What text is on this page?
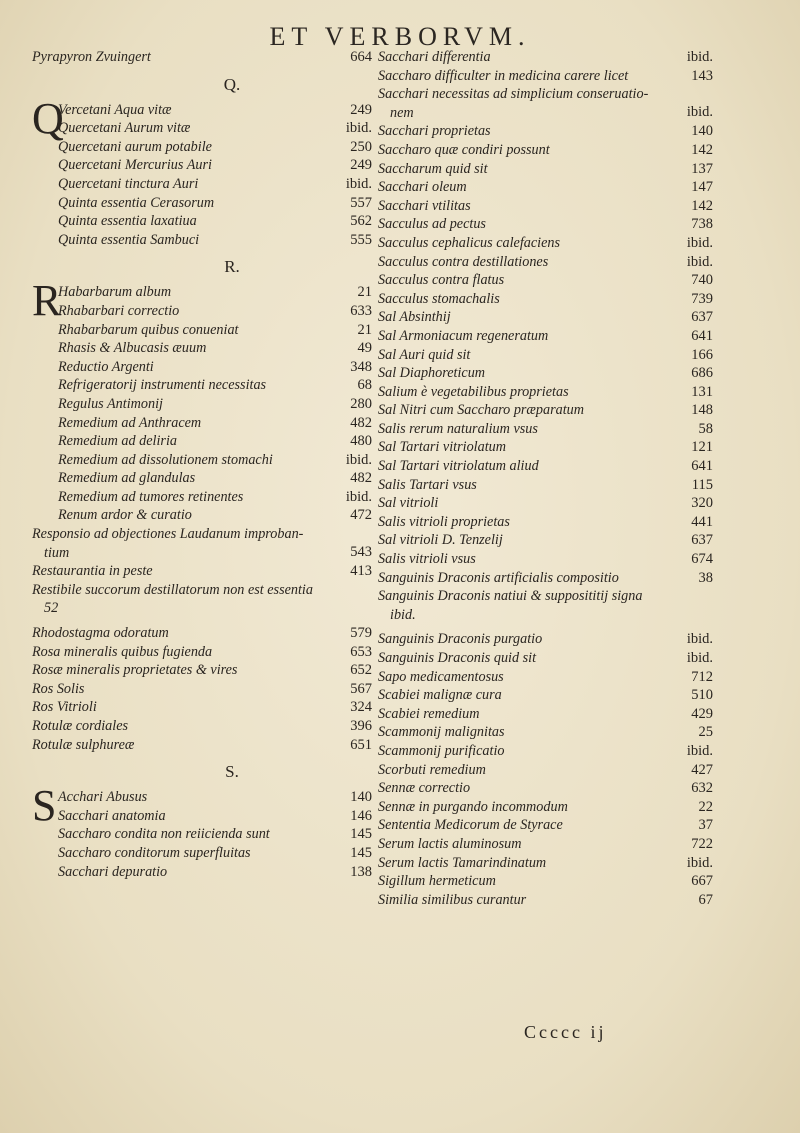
ET VERBORVM.
Pyrapyron Zvuingert	664
Q.
Q
Vercetani Aqua vitæ	249
Quercetani Aurum vitæ	ibid.
Quercetani aurum potabile	250
Quercetani Mercurius Auri	249
Quercetani tinctura Auri	ibid.
Quinta essentia Cerasorum	557
Quinta essentia laxatiua	562
Quinta essentia Sambuci	555
R.
R
Habarbarum album	21
Rhabarbari correctio	633
Rhabarbarum quibus conueniat	21
Rhasis & Albucasis æuum	49
Reductio Argenti	348
Refrigeratorij instrumenti necessitas	68
Regulus Antimonij	280
Remedium ad Anthracem	482
Remedium ad deliria	480
Remedium ad dissolutionem stomachi	ibid.
Remedium ad glandulas	482
Remedium ad tumores retinentes	ibid.
Renum ardor & curatio	472
Responsio ad objectiones Laudanum improban-
tium	543
Restaurantia in peste	413
Restibile succorum destillatorum non est essentia
52
Rhodostagma odoratum	579
Rosa mineralis quibus fugienda	653
Rosæ mineralis proprietates & vires	652
Ros Solis	567
Ros Vitrioli	324
Rotulæ cordiales	396
Rotulæ sulphureæ	651
S.
S Acchari Abusus	140
Sacchari anatomia	146
Saccharo condita non reiicienda sunt	145
Saccharo conditorum superfluitas	145
Sacchari depuratio	138
Sacchari differentia	ibid.
Saccharo difficulter in medicina carere licet	143
Sacchari necessitas ad simplicium conseruatio-
nem	ibid.
Sacchari proprietas	140
Saccharo quæ condiri possunt	142
Saccharum quid sit	137
Sacchari oleum	147
Sacchari vtilitas	142
Sacculus ad pectus	738
Sacculus cephalicus calefaciens	ibid.
Sacculus contra destillationes	ibid.
Sacculus contra flatus	740
Sacculus stomachalis	739
Sal Absinthij	637
Sal Armoniacum regeneratum	641
Sal Auri quid sit	166
Sal Diaphoreticum	686
Salium è vegetabilibus proprietas	131
Sal Nitri cum Saccharo præparatum	148
Salis rerum naturalium vsus	58
Sal Tartari vitriolatum	121
Sal Tartari vitriolatum aliud	641
Salis Tartari vsus	115
Sal vitrioli	320
Salis vitrioli proprietas	441
Sal vitrioli D. Tenzelij	637
Salis vitrioli vsus	674
Sanguinis Draconis artificialis compositio	38
Sanguinis Draconis natiui & supposititij signa
ibid.
Sanguinis Draconis purgatio	ibid.
Sanguinis Draconis quid sit	ibid.
Sapo medicamentosus	712
Scabiei malignæ cura	510
Scabiei remedium	429
Scammonij malignitas	25
Scammonij purificatio	ibid.
Scorbuti remedium	427
Sennæ correctio	632
Sennæ in purgando incommodum	22
Sententia Medicorum de Styrace	37
Serum lactis aluminosum	722
Serum lactis Tamarindinatum	ibid.
Sigillum hermeticum	667
Similia similibus curantur	67
Ccccc ij
